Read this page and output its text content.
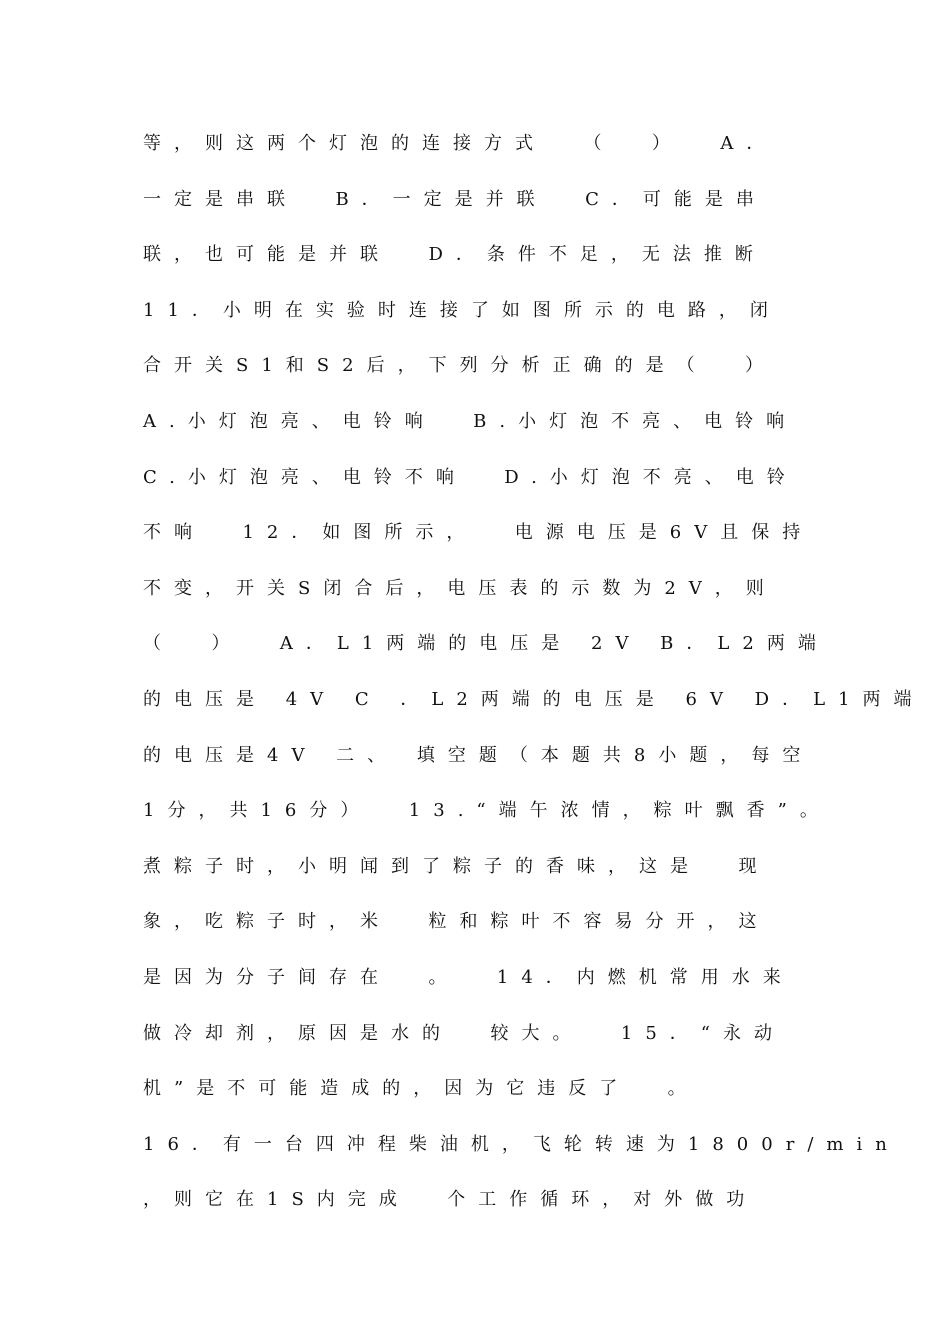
等，则这两个灯泡的连接方式  （  ）  A．
一定是串联  B．一定是并联  C．可能是串
联，也可能是并联  D．条件不足，无法推断
11．小明在实验时连接了如图所示的电路，闭
合开关S1和S2后，下列分析正确的是（  ）
A.小灯泡亮、电铃响  B.小灯泡不亮、电铃响
C.小灯泡亮、电铃不响  D.小灯泡不亮、电铃
不响  12．如图所示，  电源电压是6V且保持
不变，开关S闭合后，电压表的示数为2V，则
（  ）  A．L1两端的电压是 2V B．L2两端
的电压是 4V C ．L2两端的电压是 6V D．L1两端
的电压是4V 二、 填空题（本题共8小题，每空
1分，共16分）  13.“端午浓情，粽叶飘香”。
煮粽子时，小明闻到了粽子的香味，这是  现
象，吃粽子时，米  粒和粽叶不容易分开，这
是因为分子间存在  。  14．内燃机常用水来
做冷却剂，原因是水的  较大。  15．“永动
机”是不可能造成的，因为它违反了  。
16．有一台四冲程柴油机，飞轮转速为1800r/min
，则它在1S内完成  个工作循环，对外做功
